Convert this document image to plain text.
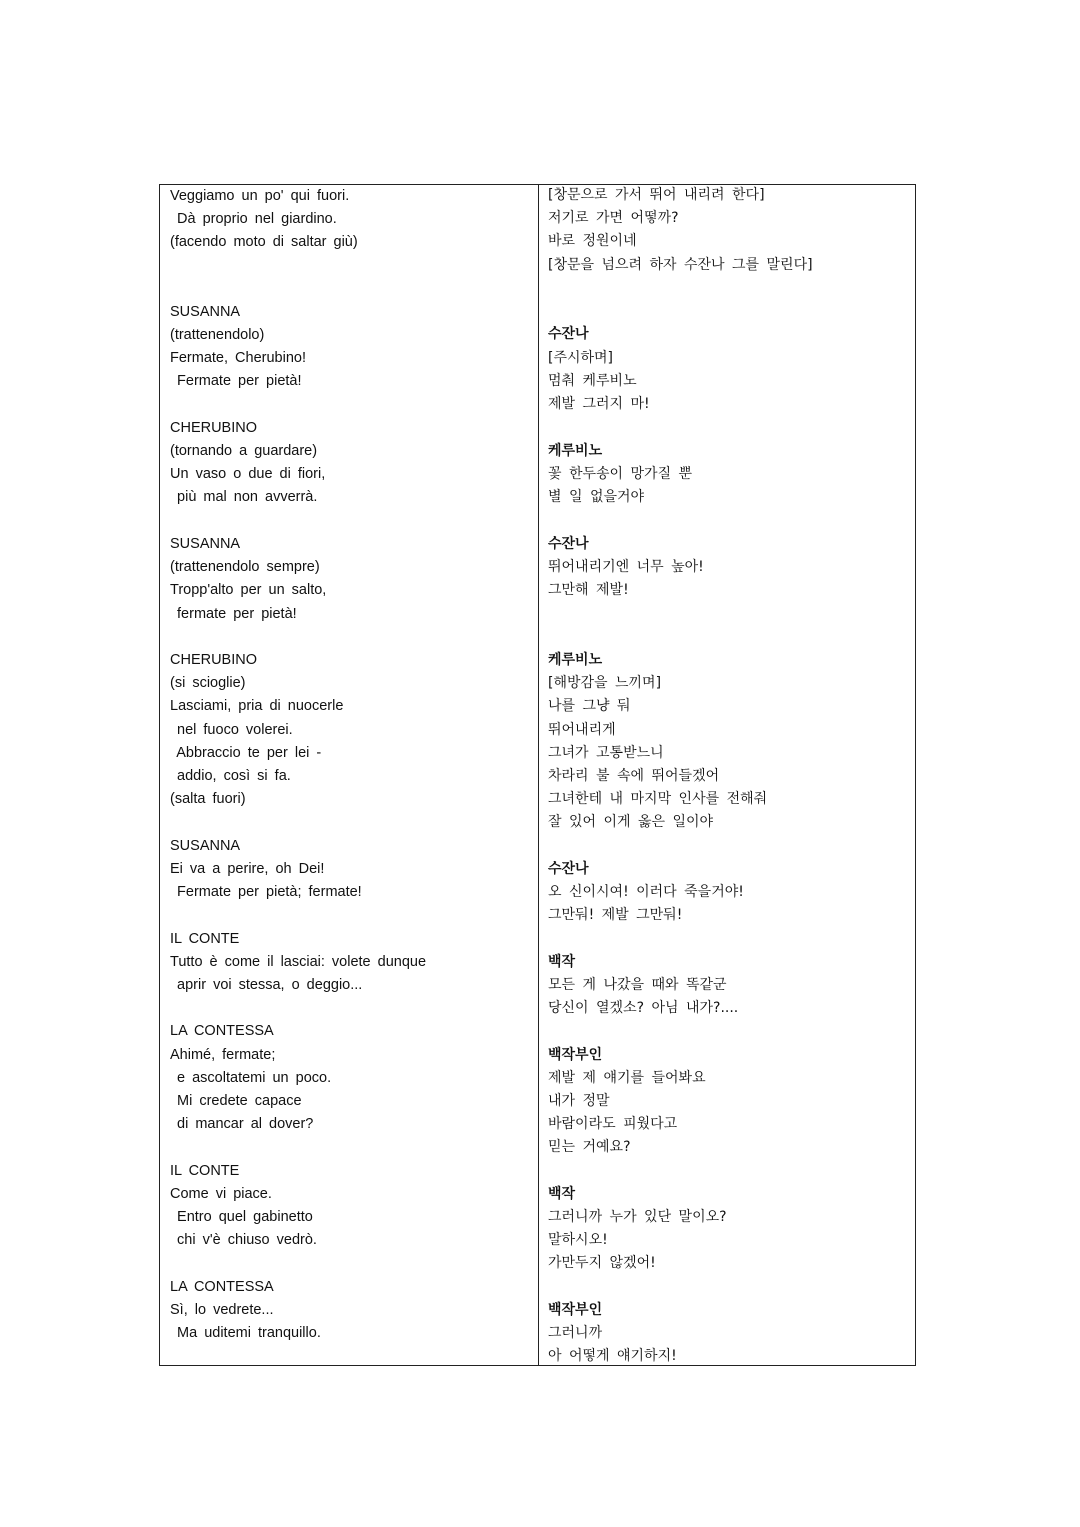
Veggiamo un po' qui fuori.
Dà proprio nel giardino.
(facendo moto di saltar giù)
SUSANNA
(trattenendolo)
Fermate, Cherubino!
Fermate per pietà!
CHERUBINO
(tornando a guardare)
Un vaso o due di fiori,
più mal non avverrà.
SUSANNA
(trattenendolo sempre)
Tropp'alto per un salto,
fermate per pietà!
CHERUBINO
(si scioglie)
Lasciami, pria di nuocerle
nel fuoco volerei.
Abbraccio te per lei -
addio, così si fa.
(salta fuori)
SUSANNA
Ei va a perire, oh Dei!
Fermate per pietà; fermate!
IL CONTE
Tutto è come il lasciai: volete dunque
aprir voi stessa, o deggio...
LA CONTESSA
Ahimé, fermate;
e ascoltatemi un poco.
Mi credete capace
di mancar al dover?
IL CONTE
Come vi piace.
Entro quel gabinetto
chi v'è chiuso vedrò.
LA CONTESSA
Sì, lo vedrete...
Ma uditemi tranquillo.
[창문으로 가서 뛰어 내리려 한다]
저기로 가면 어떻까?
바로 정원이네
[창문을 넘으려 하자 수잔나 그를 말린다]
수잔나
[주시하며]
멈춰 케루비노
제발 그러지 마!
케루비노
꽃 한두송이 망가질 뿐
별 일 없을거야
수잔나
뛰어내리기엔 너무 높아!
그만해 제발!
케루비노
[해방감을 느끼며]
나를 그냥 둬
뛰어내리게
그녀가 고통받느니
차라리 불 속에 뛰어들겠어
그녀한테 내 마지막 인사를 전해줘
잘 있어 이게 옳은 일이야
수잔나
오 신이시여! 이러다 죽을거야!
그만둬! 제발 그만둬!
백작
모든 게 나갔을 때와 똑같군
당신이 열겠소? 아님 내가?....
백작부인
제발 제 얘기를 들어봐요
내가 정말
바람이라도 피웠다고
믿는 거예요?
백작
그러니까 누가 있단 말이오?
말하시오!
가만두지 않겠어!
백작부인
그러니까
아 어떻게 얘기하지!
